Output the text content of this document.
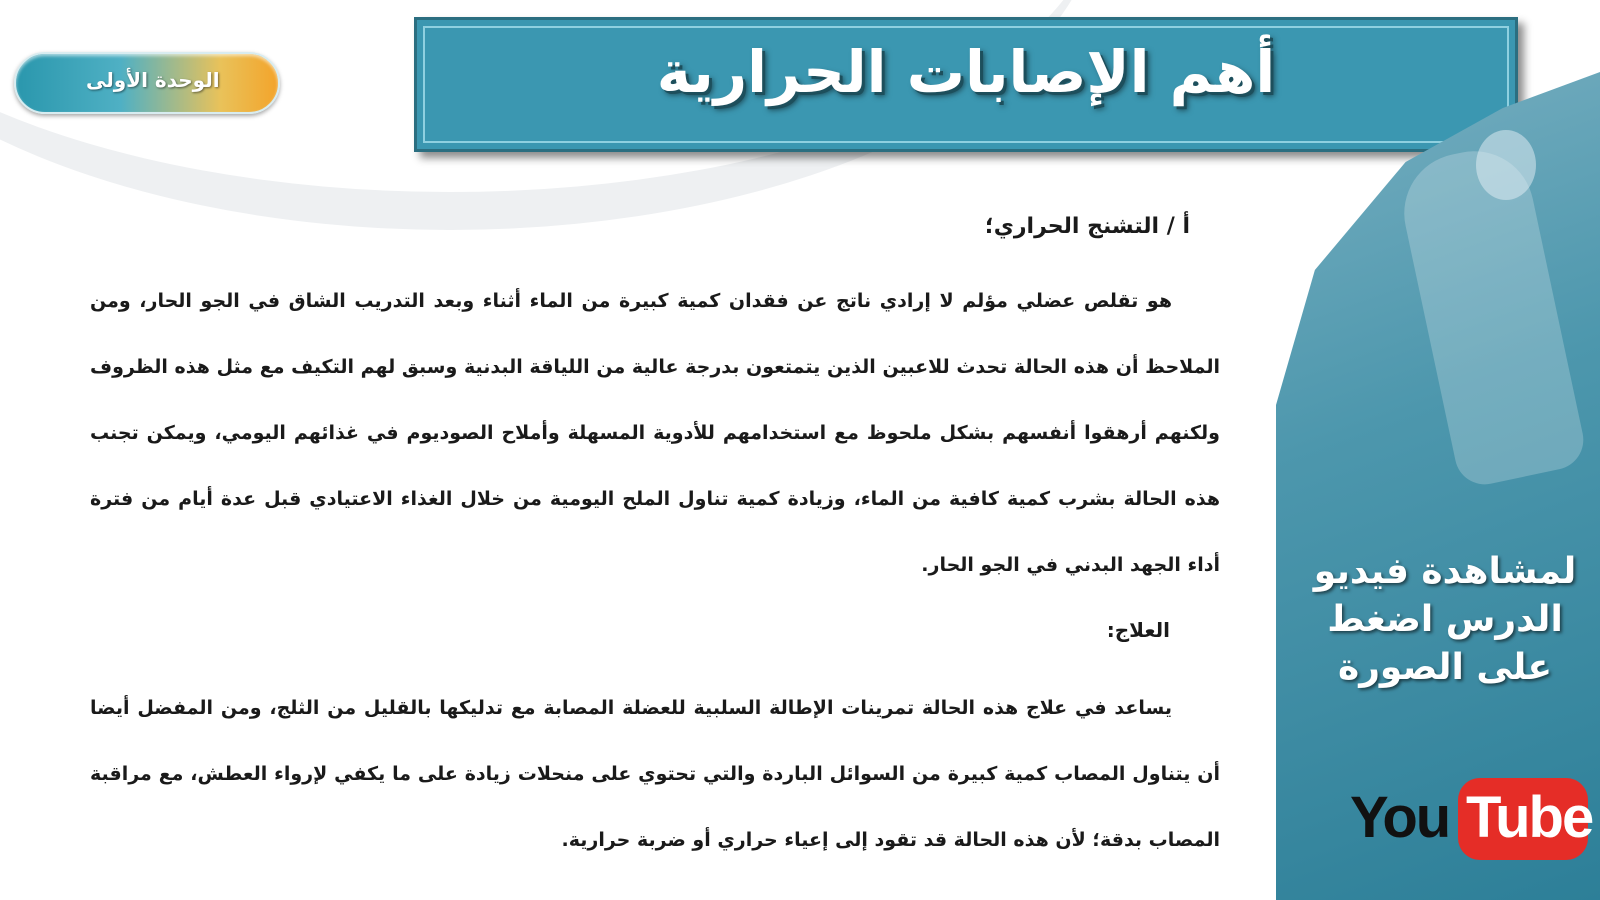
الوحدة الأولى	أهم الإصابات الحرارية

أ / التشنج الحراري؛

هو تقلص عضلي مؤلم لا إرادي ناتج عن فقدان كمية كبيرة من الماء أثناء وبعد التدريب الشاق في الجو الحار، ومن الملاحظ أن هذه الحالة تحدث للاعبين الذين يتمتعون بدرجة عالية من اللياقة البدنية وسبق لهم التكيف مع مثل هذه الظروف ولكنهم أرهقوا أنفسهم بشكل ملحوظ مع استخدامهم للأدوية المسهلة وأملاح الصوديوم في غذائهم اليومي، ويمكن تجنب هذه الحالة بشرب كمية كافية من الماء، وزيادة كمية تناول الملح اليومية من خلال الغذاء الاعتيادي قبل عدة أيام من فترة أداء الجهد البدني في الجو الحار.

العلاج:

يساعد في علاج هذه الحالة تمرينات الإطالة السلبية للعضلة المصابة مع تدليكها بالقليل من الثلج، ومن المفضل أيضا أن يتناول المصاب كمية كبيرة من السوائل الباردة والتي تحتوي على منحلات زيادة على ما يكفي لإرواء العطش، مع مراقبة المصاب بدقة؛ لأن هذه الحالة قد تقود إلى إعياء حراري أو ضربة حرارية.

لمشاهدة فيديو الدرس اضغط على الصورة
You Tube
